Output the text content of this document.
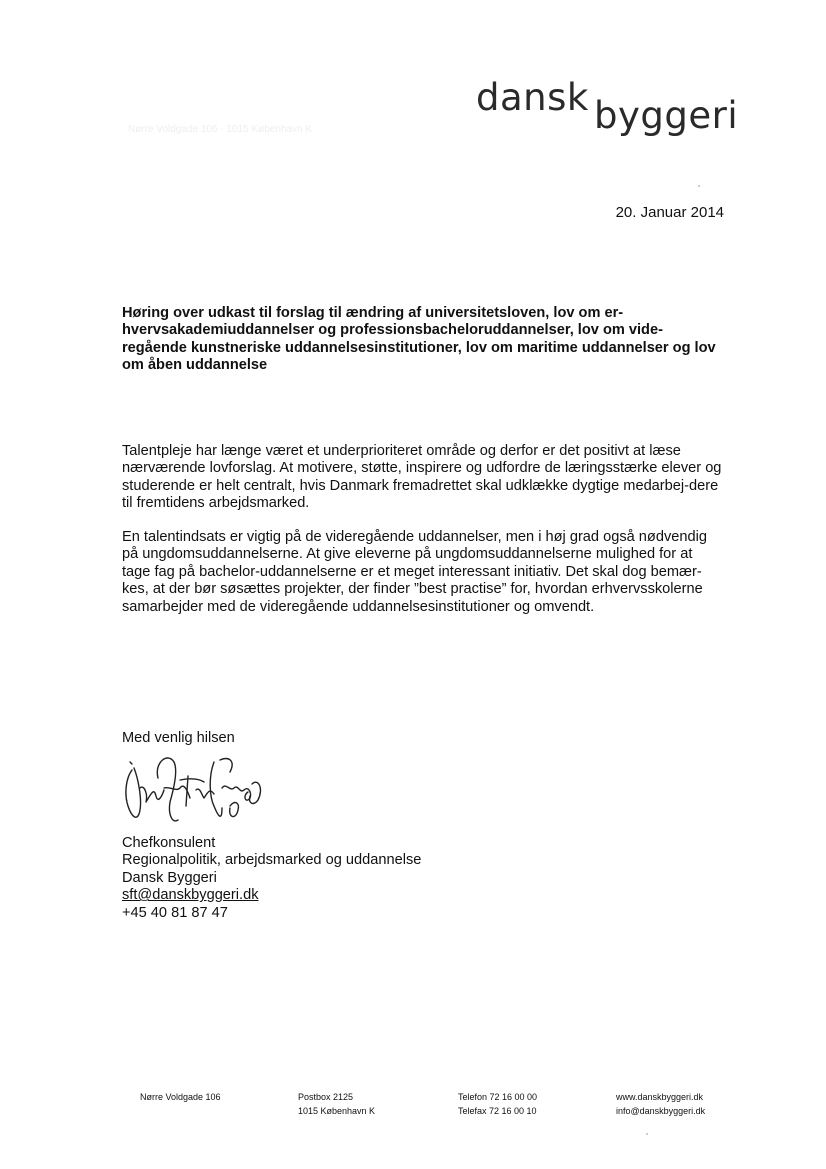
dansk byggeri
Nørre Voldgade 106 · 1015 København K
20. Januar 2014

Høring over udkast til forslag til ændring af universitetsloven, lov om er-hvervsakademiuddannelser og professionsbacheloruddannelser, lov om vide-regående kunstneriske uddannelsesinstitutioner, lov om maritime uddannelser og lov om åben uddannelse

Talentpleje har længe været et underprioriteret område og derfor er det positivt at læse nærværende lovforslag. At motivere, støtte, inspirere og udfordre de læringsstærke elever og studerende er helt centralt, hvis Danmark fremadrettet skal udklække dygtige medarbej-dere til fremtidens arbejdsmarked.

En talentindsats er vigtig på de videregående uddannelser, men i høj grad også nødvendig på ungdomsuddannelserne. At give eleverne på ungdomsuddannelserne mulighed for at tage fag på bachelor-uddannelserne er et meget interessant initiativ. Det skal dog bemær-kes, at der bør søsættes projekter, der finder ”best practise” for, hvordan erhvervsskolerne samarbejder med de videregående uddannelsesinstitutioner og omvendt.

Med venlig hilsen
Chefkonsulent
Regionalpolitik, arbejdsmarked og uddannelse
Dansk Byggeri
sft@danskbyggeri.dk
+45 40 81 87 47
Nørre Voldgade 106	Postbox 2125
1015 København K
Telefon 72 16 00 00
Telefax 72 16 00 10
www.danskbyggeri.dk
info@danskbyggeri.dk
